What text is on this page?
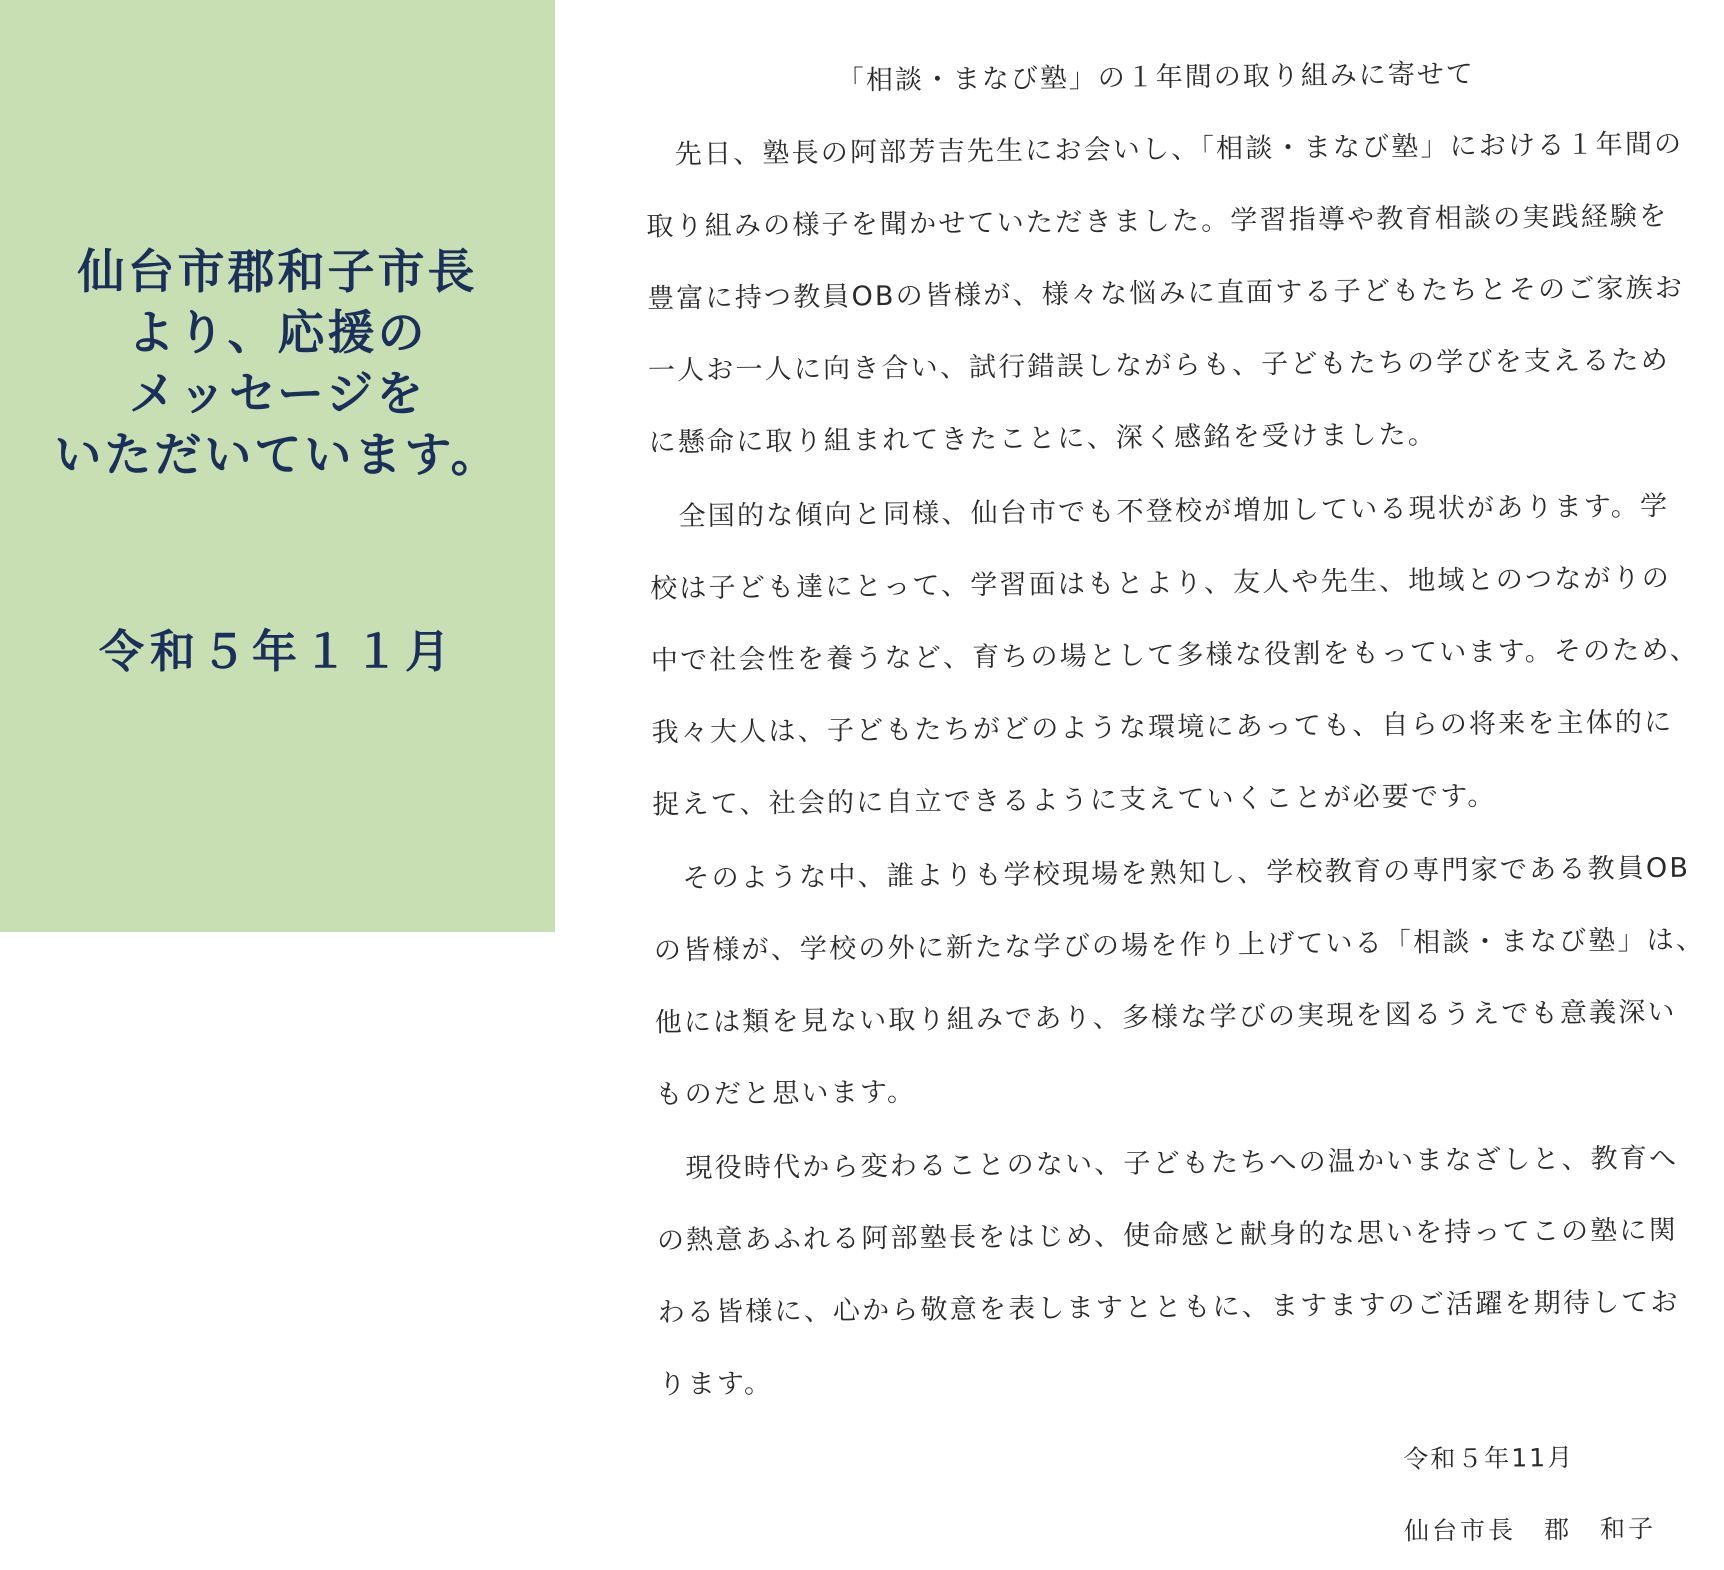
仙台市郡和子市長
より、応援の
メッセージを
いただいています。
令和５年１１月
「相談・まなび塾」の１年間の取り組みに寄せて
　先日、塾長の阿部芳吉先生にお会いし、「相談・まなび塾」における１年間の
取り組みの様子を聞かせていただきました。学習指導や教育相談の実践経験を
豊富に持つ教員OBの皆様が、様々な悩みに直面する子どもたちとそのご家族お
一人お一人に向き合い、試行錯誤しながらも、子どもたちの学びを支えるため
に懸命に取り組まれてきたことに、深く感銘を受けました。
　全国的な傾向と同様、仙台市でも不登校が増加している現状があります。学
校は子ども達にとって、学習面はもとより、友人や先生、地域とのつながりの
中で社会性を養うなど、育ちの場として多様な役割をもっています。そのため、
我々大人は、子どもたちがどのような環境にあっても、自らの将来を主体的に
捉えて、社会的に自立できるように支えていくことが必要です。
　そのような中、誰よりも学校現場を熟知し、学校教育の専門家である教員OB
の皆様が、学校の外に新たな学びの場を作り上げている「相談・まなび塾」は、
他には類を見ない取り組みであり、多様な学びの実現を図るうえでも意義深い
ものだと思います。
　現役時代から変わることのない、子どもたちへの温かいまなざしと、教育へ
の熱意あふれる阿部塾長をはじめ、使命感と献身的な思いを持ってこの塾に関
わる皆様に、心から敬意を表しますとともに、ますますのご活躍を期待してお
ります。
令和５年11月
仙台市長　郡　和子
